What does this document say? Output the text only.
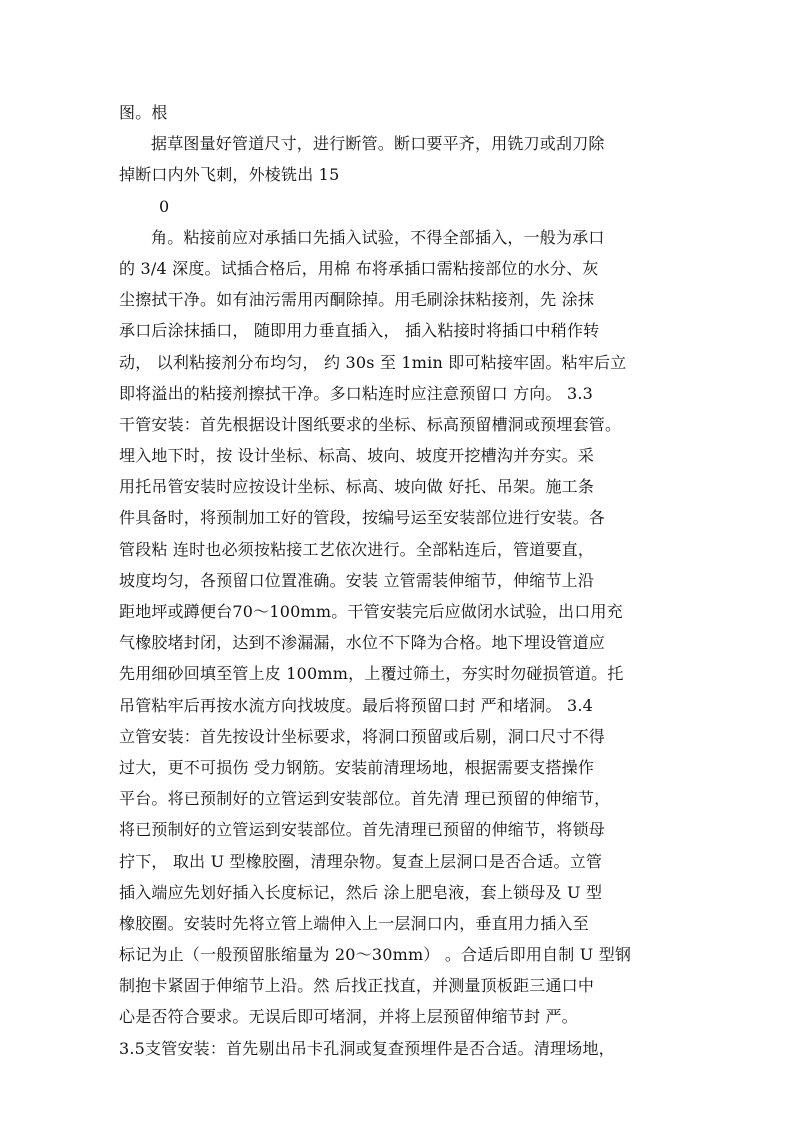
图。根
据草图量好管道尺寸，进行断管。断口要平齐，用铣刀或刮刀除
掉断口内外飞刺，外棱铣出 15
0
角。粘接前应对承插口先插入试验，不得全部插入，一般为承口
的 3/4 深度。试插合格后，用棉 布将承插口需粘接部位的水分、灰
尘擦拭干净。如有油污需用丙酮除掉。用毛刷涂抹粘接剂，先 涂抹
承口后涂抹插口， 随即用力垂直插入， 插入粘接时将插口中稍作转
动， 以利粘接剂分布均匀， 约 30s 至 1min 即可粘接牢固。粘牢后立
即将溢出的粘接剂擦拭干净。多口粘连时应注意预留口 方向。 3.3
干管安装：首先根据设计图纸要求的坐标、标高预留槽洞或预埋套管。
埋入地下时，按 设计坐标、标高、坡向、坡度开挖槽沟并夯实。采
用托吊管安装时应按设计坐标、标高、坡向做 好托、吊架。施工条
件具备时，将预制加工好的管段，按编号运至安装部位进行安装。各
管段粘 连时也必须按粘接工艺依次进行。全部粘连后，管道要直，
坡度均匀，各预留口位置准确。安装 立管需装伸缩节，伸缩节上沿
距地坪或蹲便台70～100mm。干管安装完后应做闭水试验，出口用充
气橡胶堵封闭，达到不渗漏漏，水位不下降为合格。地下埋设管道应
先用细砂回填至管上皮 100mm，上覆过筛土，夯实时勿碰损管道。托
吊管粘牢后再按水流方向找坡度。最后将预留口封 严和堵洞。 3.4
立管安装：首先按设计坐标要求，将洞口预留或后剔，洞口尺寸不得
过大，更不可损伤 受力钢筋。安装前清理场地，根据需要支搭操作
平台。将已预制好的立管运到安装部位。首先清 理已预留的伸缩节，
将已预制好的立管运到安装部位。首先清理已预留的伸缩节，将锁母
拧下， 取出 U 型橡胶圈，清理杂物。复查上层洞口是否合适。立管
插入端应先划好插入长度标记，然后 涂上肥皂液，套上锁母及 U 型
橡胶圈。安装时先将立管上端伸入上一层洞口内，垂直用力插入至
标记为止（一般预留胀缩量为 20～30mm） 。合适后即用自制 U 型钢
制抱卡紧固于伸缩节上沿。然 后找正找直，并测量顶板距三通口中
心是否符合要求。无误后即可堵洞，并将上层预留伸缩节封 严。
3.5支管安装：首先剔出吊卡孔洞或复查预埋件是否合适。清理场地，
